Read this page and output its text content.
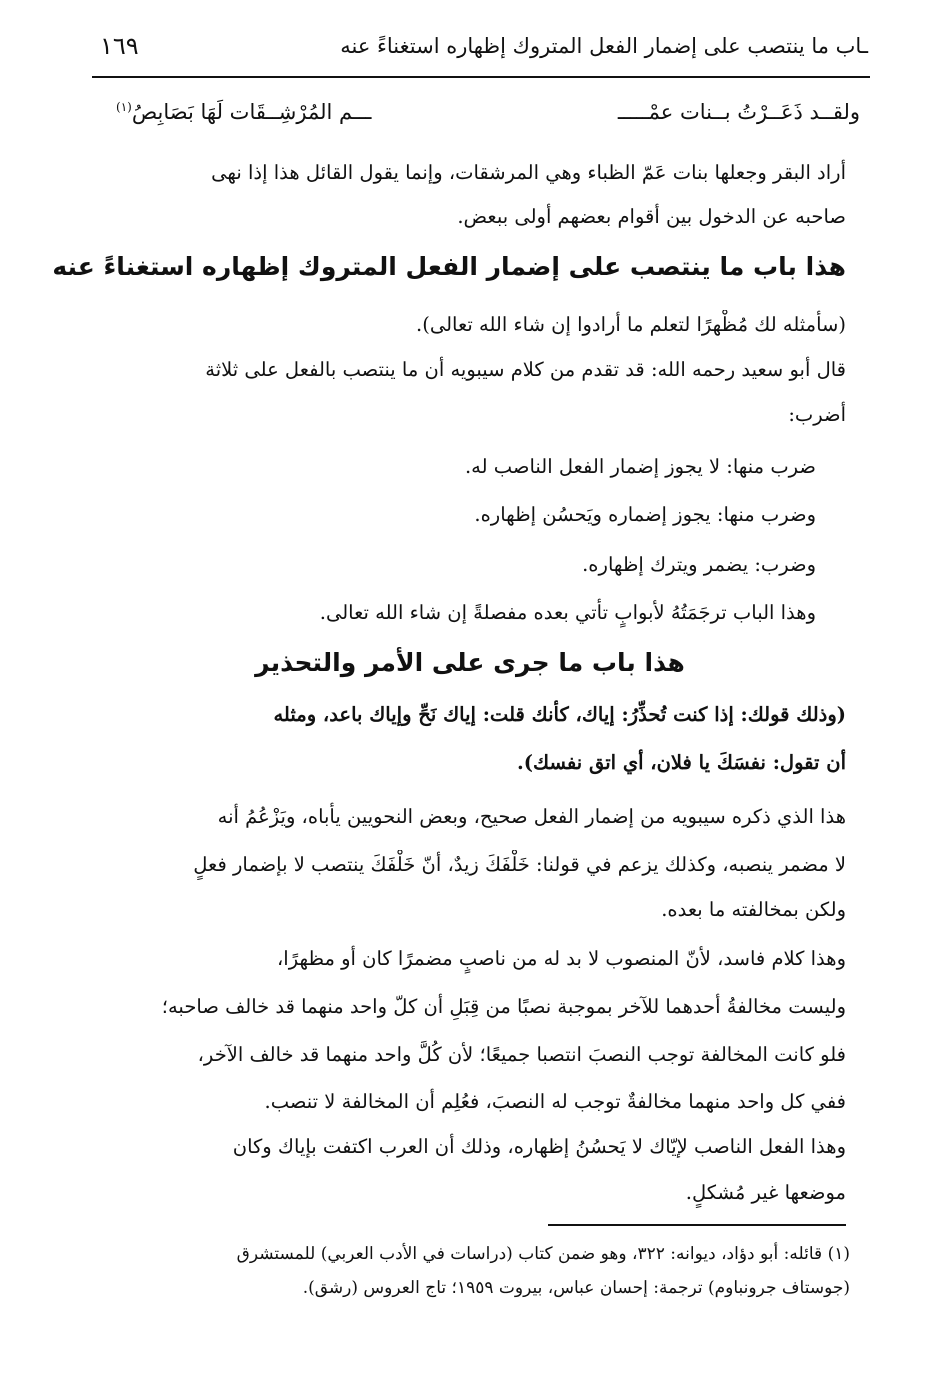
ـاب ما ينتصب على إضمار الفعل المتروك إظهاره استغناءً عنه
١٦٩
ولقــد ذَعَــرْتُ بــنات عمْـــــ
ـــم المُرْشِــقَات لَهَا بَصَابِصُ$^{(١)}$
أراد البقر وجعلها بنات عَمّ الظباء وهي المرشقات، وإنما يقول القائل هذا إذا نهى
صاحبه عن الدخول بين أقوام بعضهم أولى ببعض.
هذا باب ما ينتصب على إضمار الفعل المتروك إظهاره استغناءً عنه
(سأمثله لك مُظْهرًا لتعلم ما أرادوا إن شاء الله تعالى).
قال أبو سعيد رحمه الله: قد تقدم من كلام سيبويه أن ما ينتصب بالفعل على ثلاثة
أضرب:
ضرب منها: لا يجوز إضمار الفعل الناصب له.
وضرب منها: يجوز إضماره ويَحسُن إظهاره.
وضرب: يضمر ويترك إظهاره.
وهذا الباب ترجَمَتُهُ لأبوابٍ تأتي بعده مفصلةً إن شاء الله تعالى.
هذا باب ما جرى على الأمر والتحذير
(وذلك قولك: إذا كنت تُحذِّرُ: إياك، كأنك قلت: إياك نَحِّ وإياك باعد، ومثله
أن تقول: نفسَكَ يا فلان، أي اتق نفسك).
هذا الذي ذكره سيبويه من إضمار الفعل صحيح، وبعض النحويين يأباه، ويَزْعُمُ أنه
لا مضمر ينصبه، وكذلك يزعم في قولنا: خَلْفَكَ زيدٌ، أنّ خَلْفَكَ ينتصب لا بإضمار فعلٍ
ولكن بمخالفته ما بعده.
وهذا كلام فاسد، لأنّ المنصوب لا بد له من ناصبٍ مضمرًا كان أو مظهرًا،
وليست مخالفةُ أحدهما للآخر بموجبة نصبًا من قِبَلِ أن كلّ واحد منهما قد خالف صاحبه؛
فلو كانت المخالفة توجب النصبَ انتصبا جميعًا؛ لأن كُلَّ واحد منهما قد خالف الآخر،
ففي كل واحد منهما مخالفةٌ توجب له النصبَ، فعُلِم أن المخالفة لا تنصب.
وهذا الفعل الناصب لإيّاك لا يَحسُنُ إظهاره، وذلك أن العرب اكتفت بإياك وكان
موضعها غير مُشكلٍ.
(١) قائله: أبو دؤاد، ديوانه: ٣٢٢، وهو ضمن كتاب (دراسات في الأدب العربي) للمستشرق
(جوستاف جرونباوم) ترجمة: إحسان عباس، بيروت ١٩٥٩؛ تاج العروس (رشق).
